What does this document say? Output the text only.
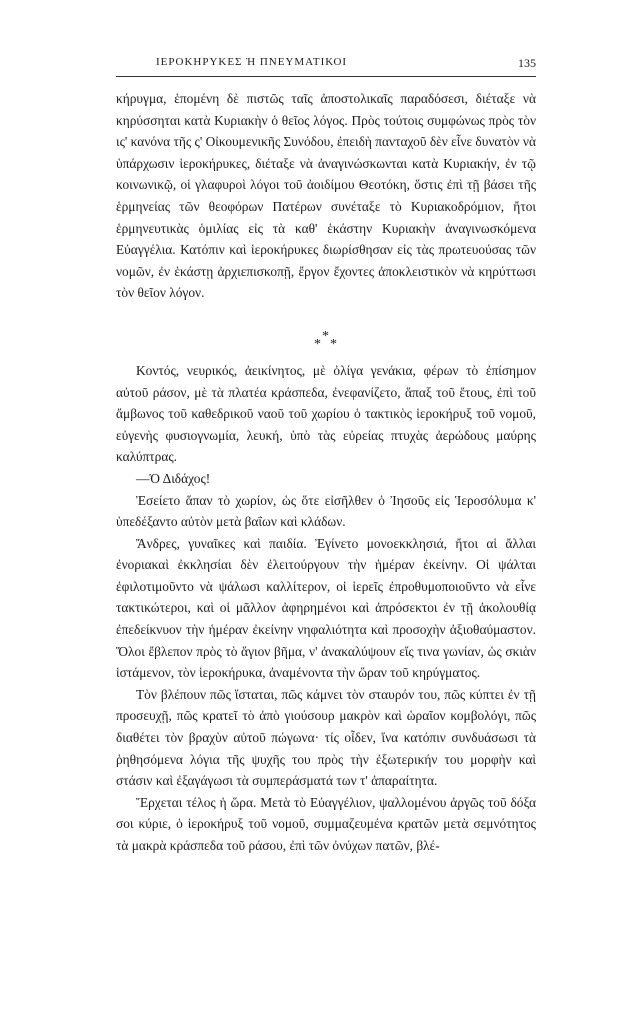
ΙΕΡΟΚΗΡΥΚΕΣ Ή ΠΝΕΥΜΑΤΙΚΟΙ	135

κήρυγμα, ἑπομένη δὲ πιστῶς ταῖς ἀποστολικαῖς παραδόσεσι, διέταξε νὰ κηρύσσηται κατὰ Κυριακὴν ὁ θεῖος λόγος. Πρὸς τούτοις συμφώνως πρὸς τὸν ις' κανόνα τῆς ς' Οἰκουμενικῆς Συνόδου, ἐπειδὴ πανταχοῦ δὲν εἶνε δυνατὸν νὰ ὑπάρχωσιν ἱεροκήρυκες, διέταξε νὰ ἀναγινώσκωνται κατὰ Κυριακήν, ἐν τῷ κοινωνικῷ, οἱ γλαφυροὶ λόγοι τοῦ ἀοιδίμου Θεοτόκη, ὅστις ἐπὶ τῇ βάσει τῆς ἑρμηνείας τῶν θεοφόρων Πατέρων συνέταξε τὸ Κυριακοδρόμιον, ἤτοι ἑρμηνευτικὰς ὁμιλίας εἰς τὰ καθ' ἑκάστην Κυριακὴν ἀναγινωσκόμενα Εὐαγγέλια. Κατόπιν καὶ ἱεροκήρυκες διωρίσθησαν εἰς τὰς πρωτευούσας τῶν νομῶν, ἐν ἑκάστῃ ἀρχιεπισκοπῇ, ἔργον ἔχοντες ἀποκλειστικὸν νὰ κηρύττωσι τὸν θεῖον λόγον.

*
* *

Κοντός, νευρικός, ἀεικίνητος, μὲ ὀλίγα γενάκια, φέρων τὸ ἐπίσημον αὐτοῦ ράσον, μὲ τὰ πλατέα κράσπεδα, ἐνεφανίζετο, ἅπαξ τοῦ ἔτους, ἐπὶ τοῦ ἄμβωνος τοῦ καθεδρικοῦ ναοῦ τοῦ χωρίου ὁ τακτικὸς ἱεροκήρυξ τοῦ νομοῦ, εὐγενὴς φυσιογνωμία, λευκή, ὑπὸ τὰς εὐρείας πτυχὰς ἀερώδους μαύρης καλύπτρας.

—Ὁ Διδάχος!

Ἐσείετο ἅπαν τὸ χωρίον, ὡς ὅτε εἰσῆλθεν ὁ Ἰησοῦς εἰς Ἱεροσόλυμα κ' ὑπεδέξαντο αὐτὸν μετὰ βαΐων καὶ κλάδων.

Ἄνδρες, γυναῖκες καὶ παιδία. Ἐγίνετο μονοεκκλησιά, ἤτοι αἱ ἄλλαι ἐνοριακαὶ ἐκκλησίαι δὲν ἐλειτούργουν τὴν ἡμέραν ἐκείνην. Οἱ ψάλται ἐφιλοτιμοῦντο νὰ ψάλωσι καλλίτερον, οἱ ἱερεῖς ἐπροθυμοποιοῦντο νὰ εἶνε τακτικώτεροι, καὶ οἱ μᾶλλον ἀφηρημένοι καὶ ἀπρόσεκτοι ἐν τῇ ἀκολουθίᾳ ἐπεδείκνυον τὴν ἡμέραν ἐκείνην νηφαλιότητα καὶ προσοχὴν ἀξιοθαύμαστον. Ὅλοι ἔβλεπον πρὸς τὸ ἅγιον βῆμα, ν' ἀνακαλύψουν εἴς τινα γωνίαν, ὡς σκιὰν ἱστάμενον, τὸν ἱεροκήρυκα, ἀναμένοντα τὴν ὥραν τοῦ κηρύγματος.

Τὸν βλέπουν πῶς ἵσταται, πῶς κάμνει τὸν σταυρόν του, πῶς κύπτει ἐν τῇ προσευχῇ, πῶς κρατεῖ τὸ ἀπὸ γιούσουρ μακρὸν καὶ ὡραῖον κομβολόγι, πῶς διαθέτει τὸν βραχὺν αὐτοῦ πώγωνα· τίς οἶδεν, ἵνα κατόπιν συνδυάσωσι τὰ ῥηθησόμενα λόγια τῆς ψυχῆς του πρὸς τὴν ἐξωτερικήν του μορφὴν καὶ στάσιν καὶ ἐξαγάγωσι τὰ συμπεράσματά των τ' ἀπαραίτητα.

Ἔρχεται τέλος ἡ ὥρα. Μετὰ τὸ Εὐαγγέλιον, ψαλλομένου ἀργῶς τοῦ δόξα σοι κύριε, ὁ ἱεροκήρυξ τοῦ νομοῦ, συμμαζευμένα κρατῶν μετὰ σεμνότητος τὰ μακρὰ κράσπεδα τοῦ ράσου, ἐπὶ τῶν ὀνύχων πατῶν, βλέ-
